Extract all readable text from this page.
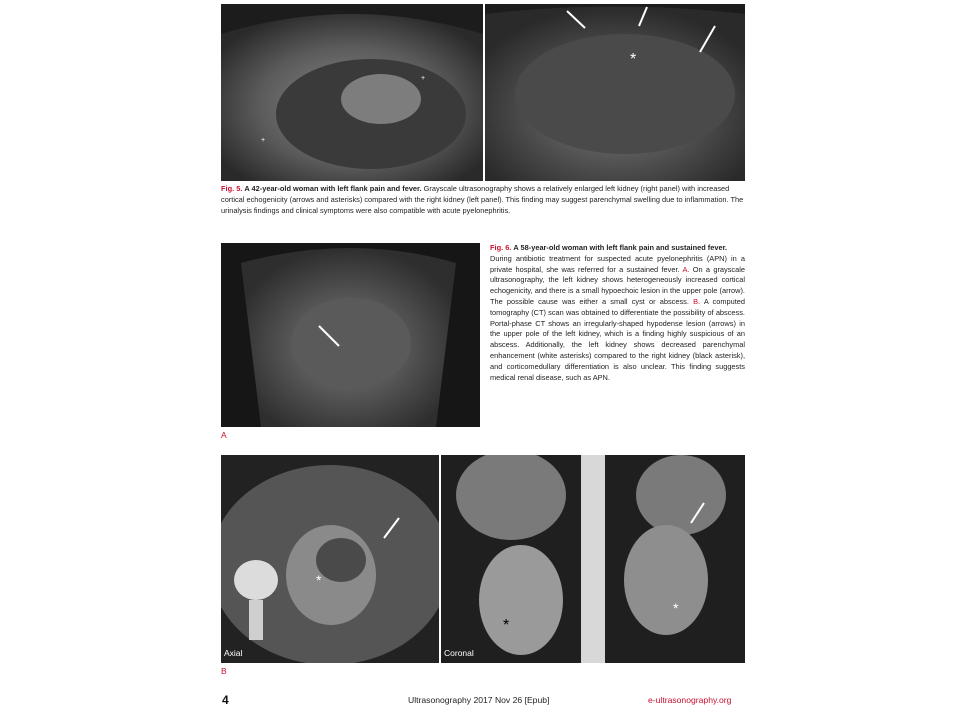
+
+
*
Fig. 5. A 42-year-old woman with left flank pain and fever. Grayscale ultrasonography shows a relatively enlarged left kidney (right panel) with increased cortical echogenicity (arrows and asterisks) compared with the right kidney (left panel). This finding may suggest parenchymal swelling due to inflammation. The urinalysis findings and clinical symptoms were also compatible with acute pyelonephritis.
A
Fig. 6. A 58-year-old woman with left flank pain and sustained fever.
During antibiotic treatment for suspected acute pyelonephritis (APN) in a private hospital, she was referred for a sustained fever. A. On a grayscale ultrasonography, the left kidney shows heterogeneously increased cortical echogenicity, and there is a small hypoechoic lesion in the upper pole (arrow). The possible cause was either a small cyst or abscess. B. A computed tomography (CT) scan was obtained to differentiate the possibility of abscess. Portal-phase CT shows an irregularly-shaped hypodense lesion (arrows) in the upper pole of the left kidney, which is a finding highly suspicious of an abscess. Additionally, the left kidney shows decreased parenchymal enhancement (white asterisks) compared to the right kidney (black asterisk), and corticomedullary differentiation is also unclear. This finding suggests medical renal disease, such as APN.
*
Axial
*
*
Coronal
B
4	Ultrasonography 2017 Nov 26 [Epub]	e-ultrasonography.org
